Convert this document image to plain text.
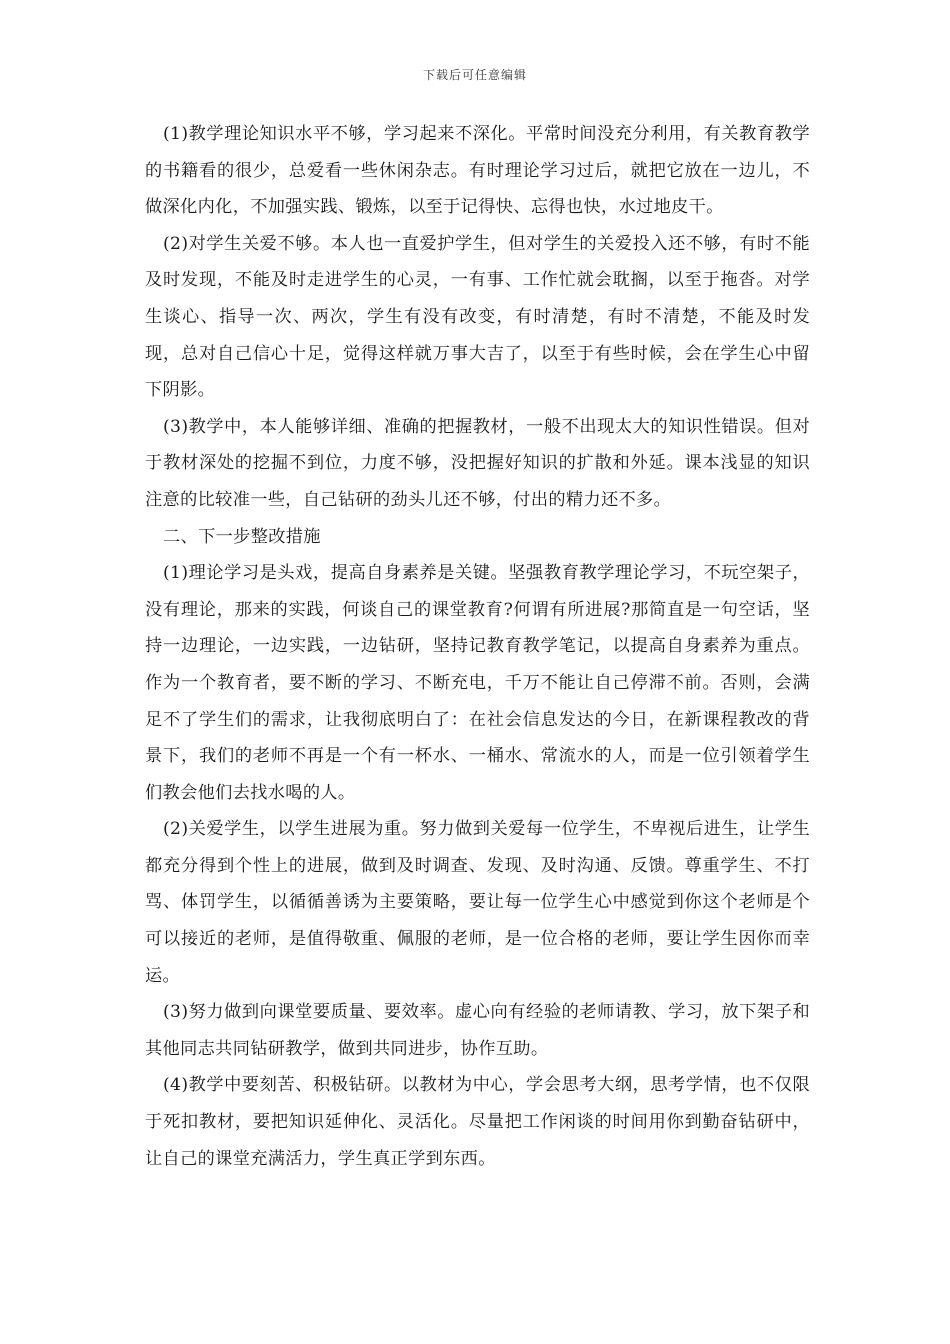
下载后可任意编辑

(1)教学理论知识水平不够，学习起来不深化。平常时间没充分利用，有关教育教学的书籍看的很少，总爱看一些休闲杂志。有时理论学习过后，就把它放在一边儿，不做深化内化，不加强实践、锻炼，以至于记得快、忘得也快，水过地皮干。

(2)对学生关爱不够。本人也一直爱护学生，但对学生的关爱投入还不够，有时不能及时发现，不能及时走进学生的心灵，一有事、工作忙就会耽搁，以至于拖沓。对学生谈心、指导一次、两次，学生有没有改变，有时清楚，有时不清楚，不能及时发现，总对自己信心十足，觉得这样就万事大吉了，以至于有些时候，会在学生心中留下阴影。

(3)教学中，本人能够详细、准确的把握教材，一般不出现太大的知识性错误。但对于教材深处的挖掘不到位，力度不够，没把握好知识的扩散和外延。课本浅显的知识注意的比较准一些，自己钻研的劲头儿还不够，付出的精力还不多。

二、下一步整改措施

(1)理论学习是头戏，提高自身素养是关键。坚强教育教学理论学习，不玩空架子，没有理论，那来的实践，何谈自己的课堂教育?何谓有所进展?那简直是一句空话，坚持一边理论，一边实践，一边钻研，坚持记教育教学笔记，以提高自身素养为重点。作为一个教育者，要不断的学习、不断充电，千万不能让自己停滞不前。否则，会满足不了学生们的需求，让我彻底明白了：在社会信息发达的今日，在新课程教改的背景下，我们的老师不再是一个有一杯水、一桶水、常流水的人，而是一位引领着学生们教会他们去找水喝的人。

(2)关爱学生，以学生进展为重。努力做到关爱每一位学生，不卑视后进生，让学生都充分得到个性上的进展，做到及时调查、发现、及时沟通、反馈。尊重学生、不打骂、体罚学生，以循循善诱为主要策略，要让每一位学生心中感觉到你这个老师是个可以接近的老师，是值得敬重、佩服的老师，是一位合格的老师，要让学生因你而幸运。

(3)努力做到向课堂要质量、要效率。虚心向有经验的老师请教、学习，放下架子和其他同志共同钻研教学，做到共同进步，协作互助。

(4)教学中要刻苦、积极钻研。以教材为中心，学会思考大纲，思考学情，也不仅限于死扣教材，要把知识延伸化、灵活化。尽量把工作闲谈的时间用你到勤奋钻研中，让自己的课堂充满活力，学生真正学到东西。
